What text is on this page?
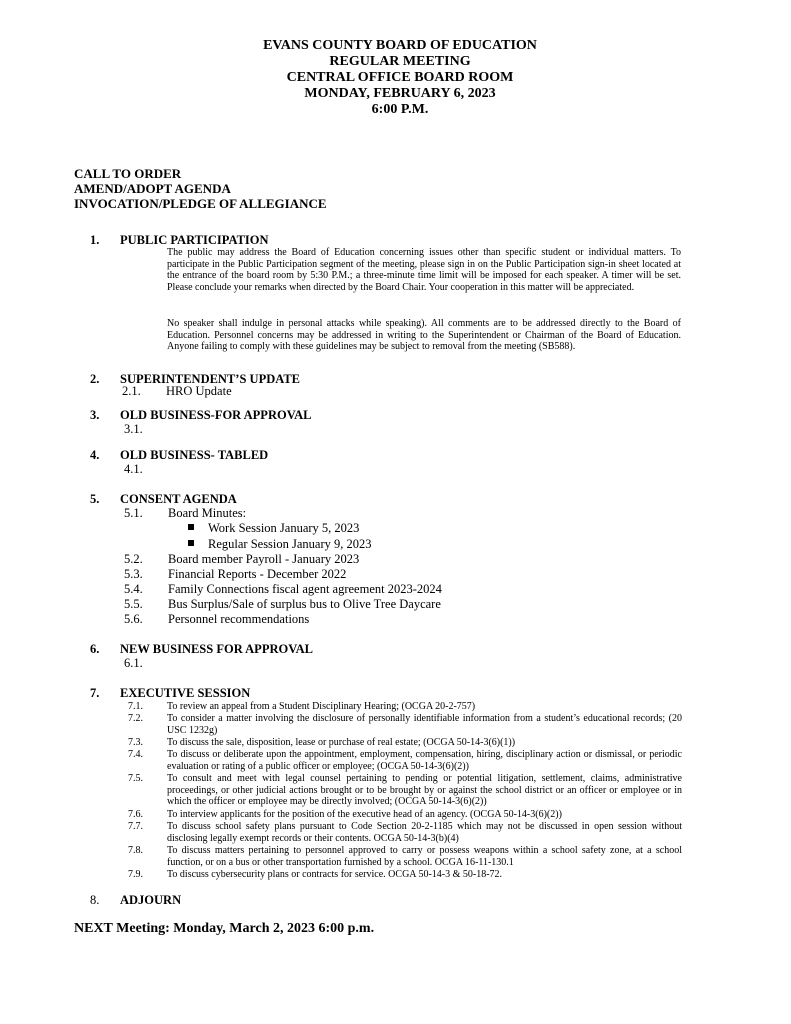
EVANS COUNTY BOARD OF EDUCATION
REGULAR MEETING
CENTRAL OFFICE BOARD ROOM
MONDAY, FEBRUARY 6, 2023
6:00 P.M.
CALL TO ORDER
AMEND/ADOPT AGENDA
INVOCATION/PLEDGE OF ALLEGIANCE
1. PUBLIC PARTICIPATION
The public may address the Board of Education concerning issues other than specific student or individual matters. To participate in the Public Participation segment of the meeting, please sign in on the Public Participation sign-in sheet located at the entrance of the board room by 5:30 P.M.; a three-minute time limit will be imposed for each speaker. A timer will be set. Please conclude your remarks when directed by the Board Chair. Your cooperation in this matter will be appreciated.
No speaker shall indulge in personal attacks while speaking). All comments are to be addressed directly to the Board of Education. Personnel concerns may be addressed in writing to the Superintendent or Chairman of the Board of Education. Anyone failing to comply with these guidelines may be subject to removal from the meeting (SB588).
2. SUPERINTENDENT’S UPDATE
2.1. HRO Update
3. OLD BUSINESS-FOR APPROVAL
3.1.
4. OLD BUSINESS- TABLED
4.1.
5. CONSENT AGENDA
5.1. Board Minutes:
Work Session January 5, 2023
Regular Session January 9, 2023
5.2. Board member Payroll - January 2023
5.3. Financial Reports - December 2022
5.4. Family Connections fiscal agent agreement 2023-2024
5.5. Bus Surplus/Sale of surplus bus to Olive Tree Daycare
5.6. Personnel recommendations
6. NEW BUSINESS FOR APPROVAL
6.1.
7. EXECUTIVE SESSION
7.1. To review an appeal from a Student Disciplinary Hearing; (OCGA 20-2-757)
7.2. To consider a matter involving the disclosure of personally identifiable information from a student’s educational records; (20 USC 1232g)
7.3. To discuss the sale, disposition, lease or purchase of real estate; (OCGA 50-14-3(6)(1))
7.4. To discuss or deliberate upon the appointment, employment, compensation, hiring, disciplinary action or dismissal, or periodic evaluation or rating of a public officer or employee; (OCGA 50-14-3(6)(2))
7.5. To consult and meet with legal counsel pertaining to pending or potential litigation, settlement, claims, administrative proceedings, or other judicial actions brought or to be brought by or against the school district or an officer or employee or in which the officer or employee may be directly involved; (OCGA 50-14-3(6)(2))
7.6. To interview applicants for the position of the executive head of an agency. (OCGA 50-14-3(6)(2))
7.7. To discuss school safety plans pursuant to Code Section 20-2-1185 which may not be discussed in open session without disclosing legally exempt records or their contents. OCGA 50-14-3(b)(4)
7.8. To discuss matters pertaining to personnel approved to carry or possess weapons within a school safety zone, at a school function, or on a bus or other transportation furnished by a school. OCGA 16-11-130.1
7.9. To discuss cybersecurity plans or contracts for service. OCGA 50-14-3 & 50-18-72.
8. ADJOURN
NEXT Meeting: Monday, March 2, 2023 6:00 p.m.
